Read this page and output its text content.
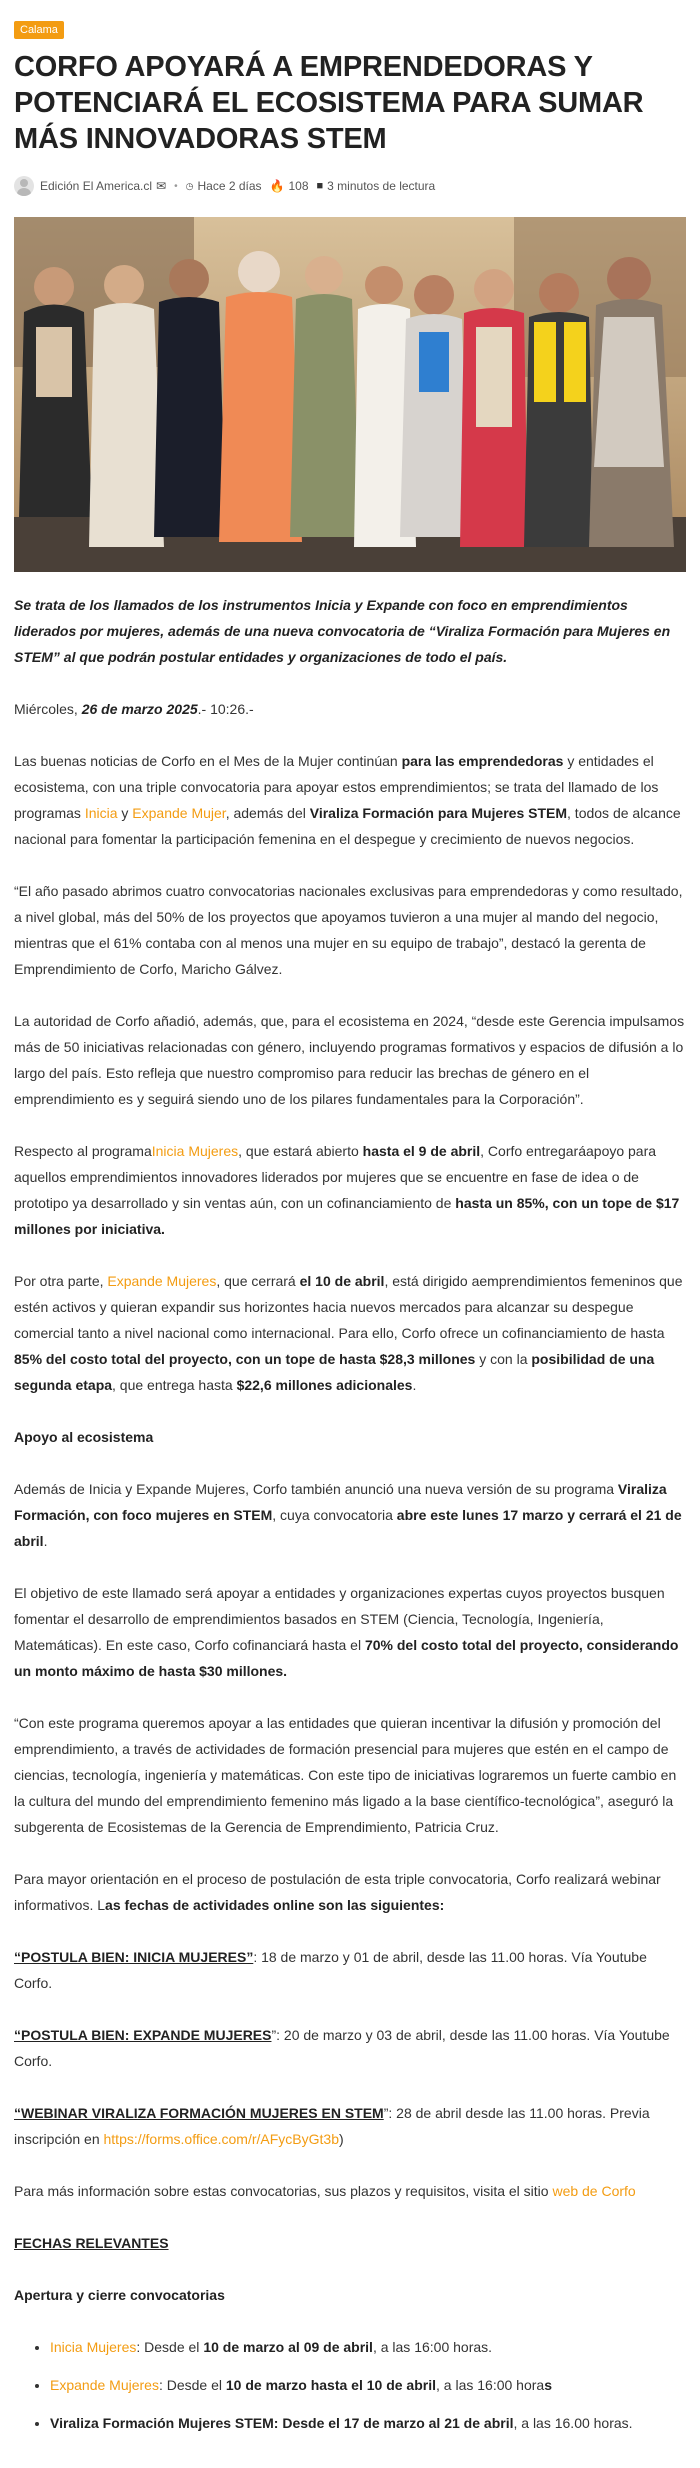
Calama
CORFO APOYARÁ A EMPRENDEDORAS Y POTENCIARÁ EL ECOSISTEMA PARA SUMAR MÁS INNOVADORAS STEM
Edición El America.cl ✉ • ◷ Hace 2 días 🔥 108 ■ 3 minutos de lectura

Se trata de los llamados de los instrumentos Inicia y Expande con foco en emprendimientos liderados por mujeres, además de una nueva convocatoria de “Viraliza Formación para Mujeres en STEM” al que podrán postular entidades y organizaciones de todo el país.

Miércoles, 26 de marzo 2025.- 10:26.-

Las buenas noticias de Corfo en el Mes de la Mujer continúan para las emprendedoras y entidades el ecosistema, con una triple convocatoria para apoyar estos emprendimientos; se trata del llamado de los programas Inicia y Expande Mujer, además del Viraliza Formación para Mujeres STEM, todos de alcance nacional para fomentar la participación femenina en el despegue y crecimiento de nuevos negocios.

“El año pasado abrimos cuatro convocatorias nacionales exclusivas para emprendedoras y como resultado, a nivel global, más del 50% de los proyectos que apoyamos tuvieron a una mujer al mando del negocio, mientras que el 61% contaba con al menos una mujer en su equipo de trabajo”, destacó la gerenta de Emprendimiento de Corfo, Maricho Gálvez.

La autoridad de Corfo añadió, además, que, para el ecosistema en 2024, “desde este Gerencia impulsamos más de 50 iniciativas relacionadas con género, incluyendo programas formativos y espacios de difusión a lo largo del país. Esto refleja que nuestro compromiso para reducir las brechas de género en el emprendimiento es y seguirá siendo uno de los pilares fundamentales para la Corporación”.

Respecto al programaInicia Mujeres, que estará abierto hasta el 9 de abril, Corfo entregaráapoyo para aquellos emprendimientos innovadores liderados por mujeres que se encuentre en fase de idea o de prototipo ya desarrollado y sin ventas aún, con un cofinanciamiento de hasta un 85%, con un tope de $17 millones por iniciativa.

Por otra parte, Expande Mujeres, que cerrará el 10 de abril, está dirigido aemprendimientos femeninos que estén activos y quieran expandir sus horizontes hacia nuevos mercados para alcanzar su despegue comercial tanto a nivel nacional como internacional. Para ello, Corfo ofrece un cofinanciamiento de hasta 85% del costo total del proyecto, con un tope de hasta $28,3 millones y con la posibilidad de una segunda etapa, que entrega hasta $22,6 millones adicionales.

Apoyo al ecosistema

Además de Inicia y Expande Mujeres, Corfo también anunció una nueva versión de su programa Viraliza Formación, con foco mujeres en STEM, cuya convocatoria abre este lunes 17 marzo y cerrará el 21 de abril.

El objetivo de este llamado será apoyar a entidades y organizaciones expertas cuyos proyectos busquen fomentar el desarrollo de emprendimientos basados en STEM (Ciencia, Tecnología, Ingeniería, Matemáticas). En este caso, Corfo cofinanciará hasta el 70% del costo total del proyecto, considerando un monto máximo de hasta $30 millones.

“Con este programa queremos apoyar a las entidades que quieran incentivar la difusión y promoción del emprendimiento, a través de actividades de formación presencial para mujeres que estén en el campo de ciencias, tecnología, ingeniería y matemáticas. Con este tipo de iniciativas lograremos un fuerte cambio en la cultura del mundo del emprendimiento femenino más ligado a la base científico-tecnológica”, aseguró la subgerenta de Ecosistemas de la Gerencia de Emprendimiento, Patricia Cruz.

Para mayor orientación en el proceso de postulación de esta triple convocatoria, Corfo realizará webinar informativos. Las fechas de actividades online son las siguientes:

“POSTULA BIEN: INICIA MUJERES”: 18 de marzo y 01 de abril, desde las 11.00 horas. Vía Youtube Corfo.

“POSTULA BIEN: EXPANDE MUJERES”: 20 de marzo y 03 de abril, desde las 11.00 horas. Vía Youtube Corfo.

“WEBINAR VIRALIZA FORMACIÓN MUJERES EN STEM”: 28 de abril desde las 11.00 horas. Previa inscripción en https://forms.office.com/r/AFycByGt3b)

Para más información sobre estas convocatorias, sus plazos y requisitos, visita el sitio web de Corfo

FECHAS RELEVANTES

Apertura y cierre convocatorias

• Inicia Mujeres: Desde el 10 de marzo al 09 de abril, a las 16:00 horas.
• Expande Mujeres: Desde el 10 de marzo hasta el 10 de abril, a las 16:00 horas
• Viraliza Formación Mujeres STEM: Desde el 17 de marzo al 21 de abril, a las 16.00 horas.
